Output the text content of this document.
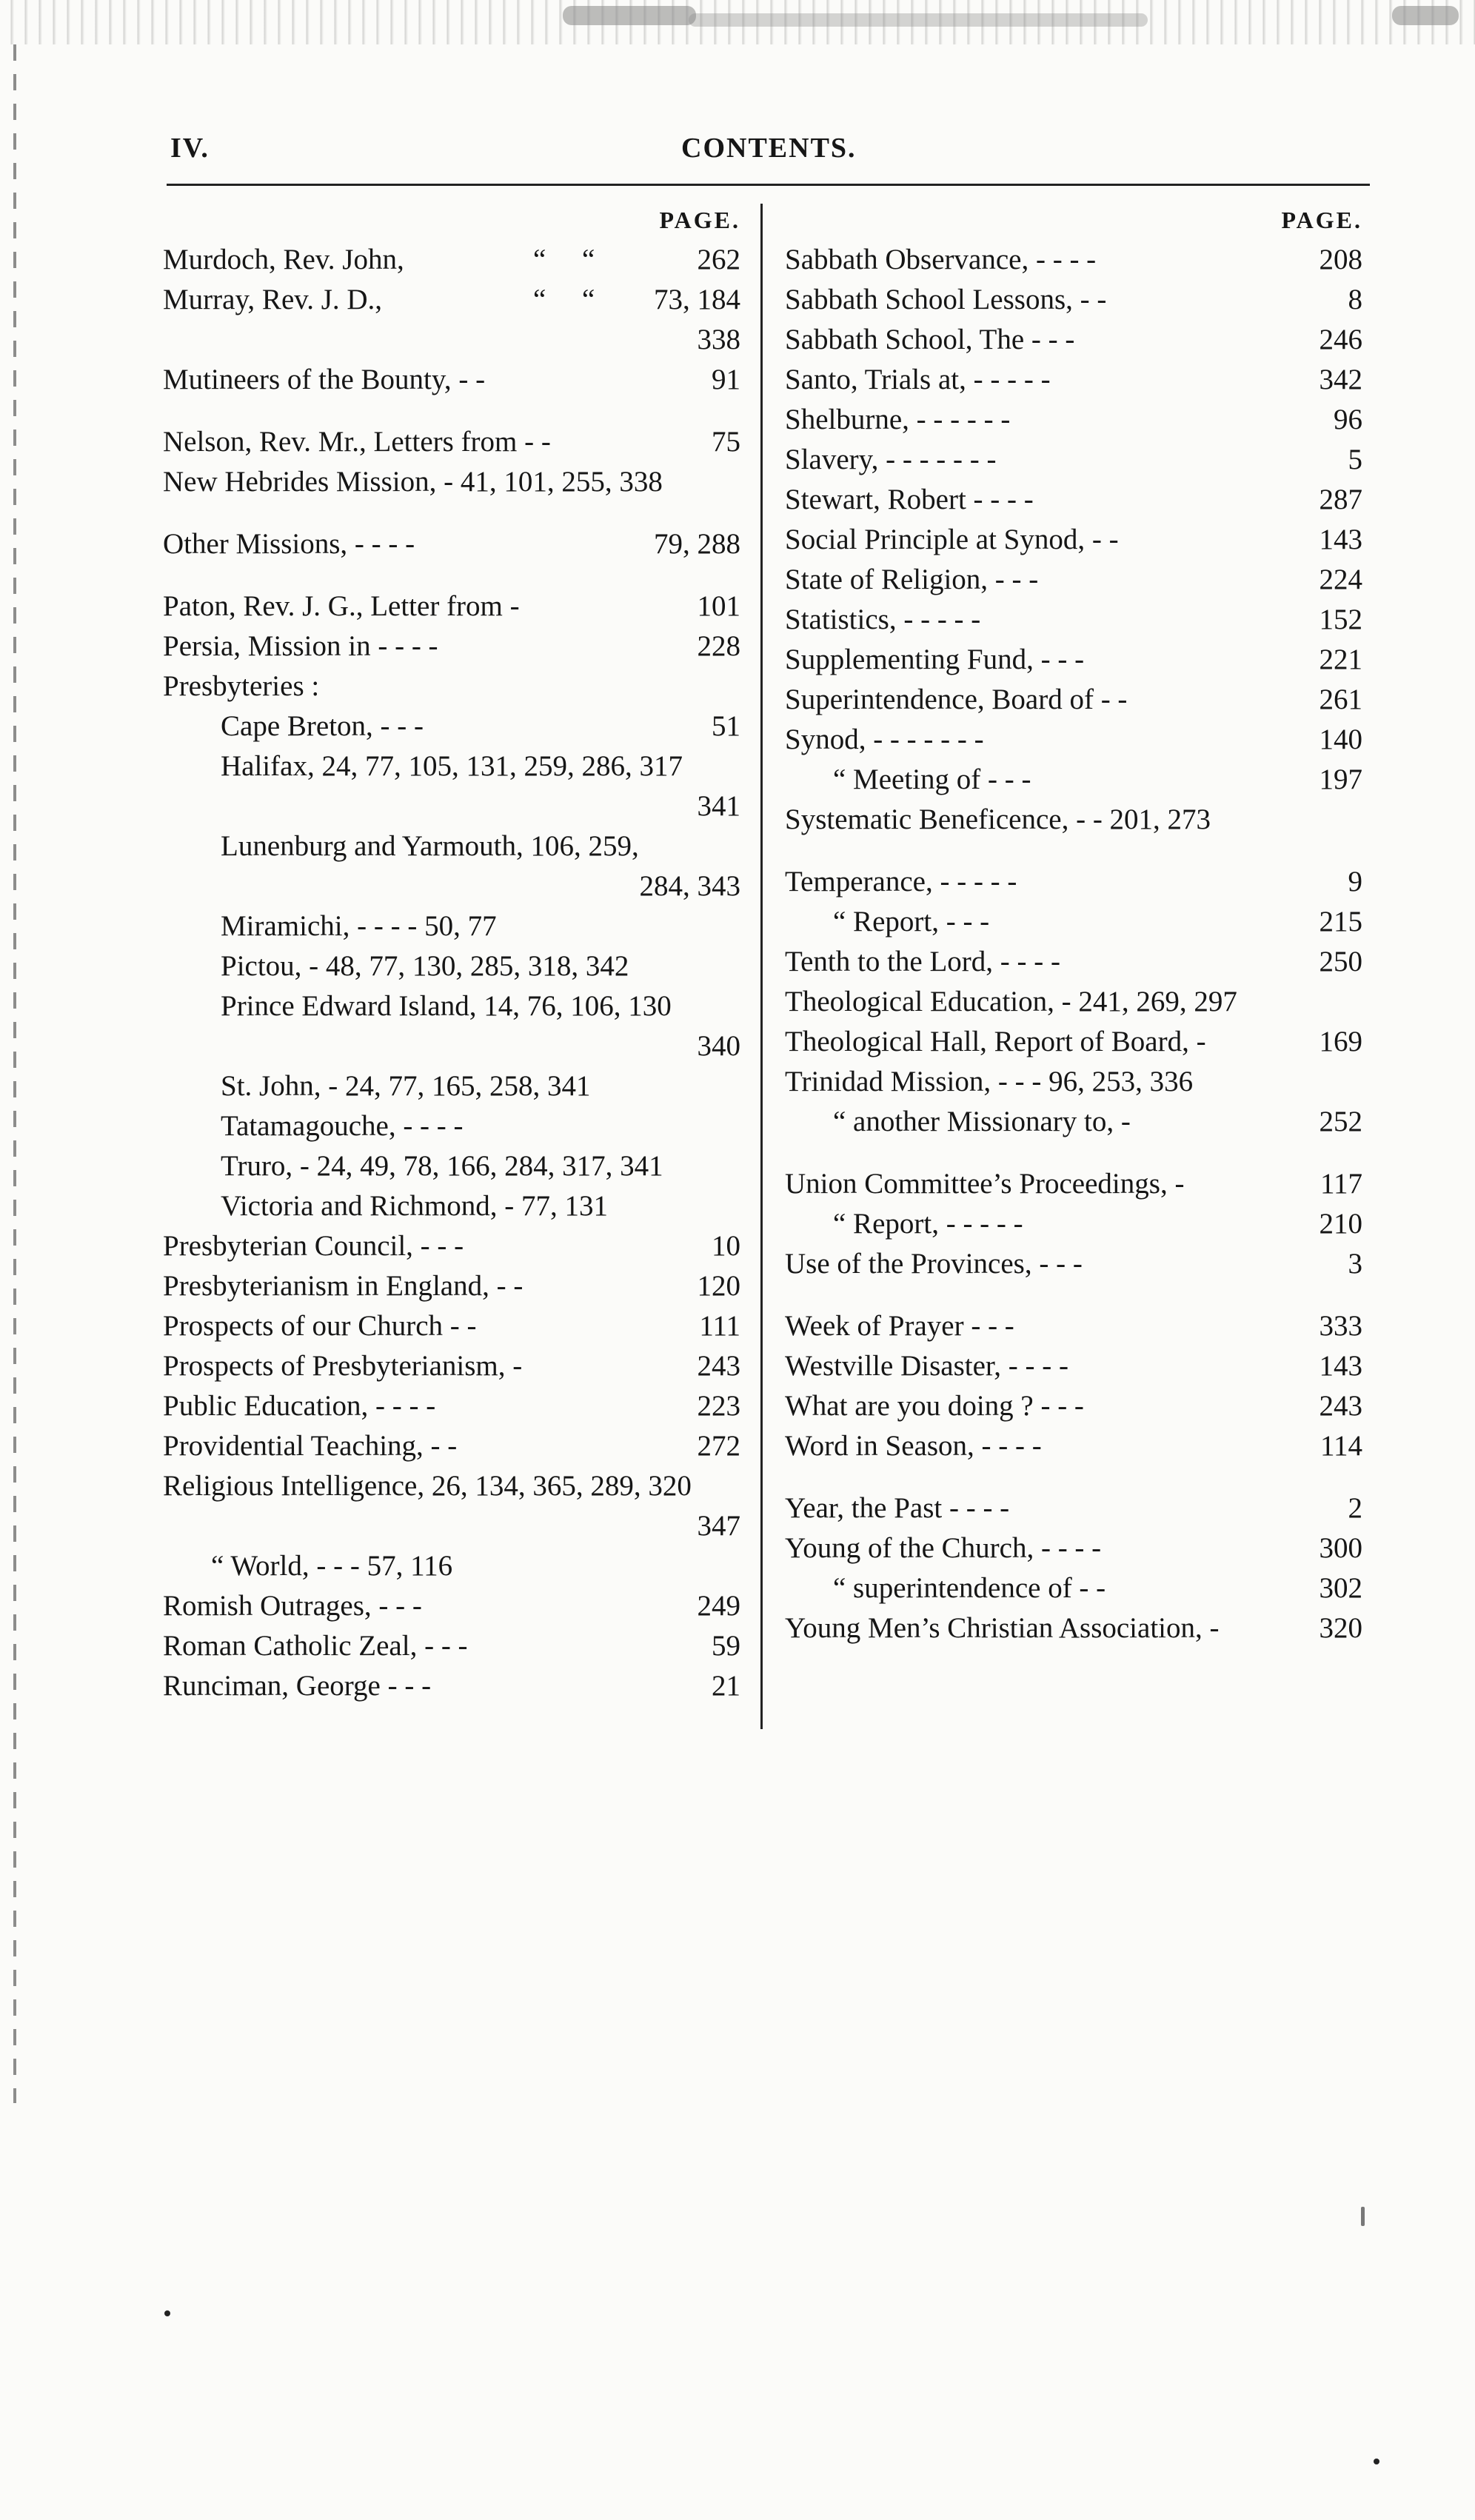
IV.	CONTENTS.
PAGE.
Murdoch, Rev. John,	“     “	262
Murray, Rev. J. D.,	“     “ 73, 184
338
Mutineers of the Bounty, - -	91
Nelson, Rev. Mr., Letters from - -	75
New Hebrides Mission, - 41, 101, 255, 338
Other Missions, - - - -	79, 288
Paton, Rev. J. G., Letter from -	101
Persia, Mission in - - - -	228
Presbyteries :
Cape Breton, - - -	51
Halifax, 24, 77, 105, 131, 259, 286, 317
341
Lunenburg and Yarmouth, 106, 259,
284, 343
Miramichi, - - - - 50, 77
Pictou, - 48, 77, 130, 285, 318, 342
Prince Edward Island, 14, 76, 106, 130
340
St. John, - 24, 77, 165, 258, 341
Tatamagouche, - - - -
Truro, - 24, 49, 78, 166, 284, 317, 341
Victoria and Richmond, - 77, 131
Presbyterian Council, - - -	10
Presbyterianism in England, - -	120
Prospects of our Church - -	111
Prospects of Presbyterianism, -	243
Public Education, - - - -	223
Providential Teaching, - -	272
Religious Intelligence, 26, 134, 365, 289, 320
347
“ World, - - - 57, 116
Romish Outrages, - - -	249
Roman Catholic Zeal, - - -	59
Runciman, George - - -	21
PAGE.
Sabbath Observance, - - - -	208
Sabbath School Lessons, - -	8
Sabbath School, The - - -	246
Santo, Trials at, - - - - -	342
Shelburne, - - - - - -	96
Slavery, - - - - - - -	5
Stewart, Robert - - - -	287
Social Principle at Synod, - -	143
State of Religion, - - -	224
Statistics, - - - - -	152
Supplementing Fund, - - -	221
Superintendence, Board of - -	261
Synod, - - - - - - -	140
“ Meeting of - - -	197
Systematic Beneficence, - - 201, 273
Temperance, - - - - -	9
“ Report, - - -	215
Tenth to the Lord, - - - -	250
Theological Education, - 241, 269, 297
Theological Hall, Report of Board, -	169
Trinidad Mission, - - - 96, 253, 336
“ another Missionary to, -	252
Union Committee’s Proceedings, -	117
“ Report, - - - - -	210
Use of the Provinces, - - -	3
Week of Prayer - - -	333
Westville Disaster, - - - -	143
What are you doing ? - - -	243
Word in Season, - - - -	114
Year, the Past - - - -	2
Young of the Church, - - - -	300
“ superintendence of - -	302
Young Men’s Christian Association, -	320
